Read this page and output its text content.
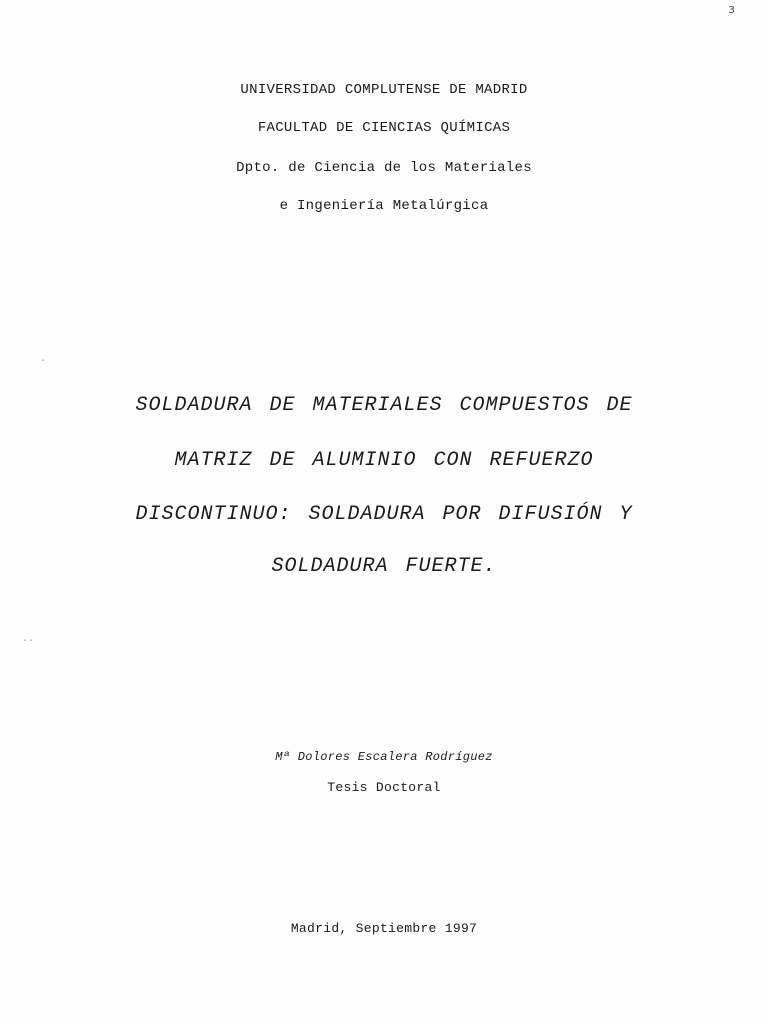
ɜ
UNIVERSIDAD COMPLUTENSE DE MADRID
FACULTAD DE CIENCIAS QUÍMICAS
Dpto. de Ciencia de los Materiales
e Ingeniería Metalúrgica
SOLDADURA DE MATERIALES COMPUESTOS DE
MATRIZ DE ALUMINIO CON REFUERZO
DISCONTINUO: SOLDADURA POR DIFUSIÓN Y
SOLDADURA FUERTE.
Mª Dolores Escalera Rodríguez
Tesis Doctoral
Madrid, Septiembre 1997
··
·
